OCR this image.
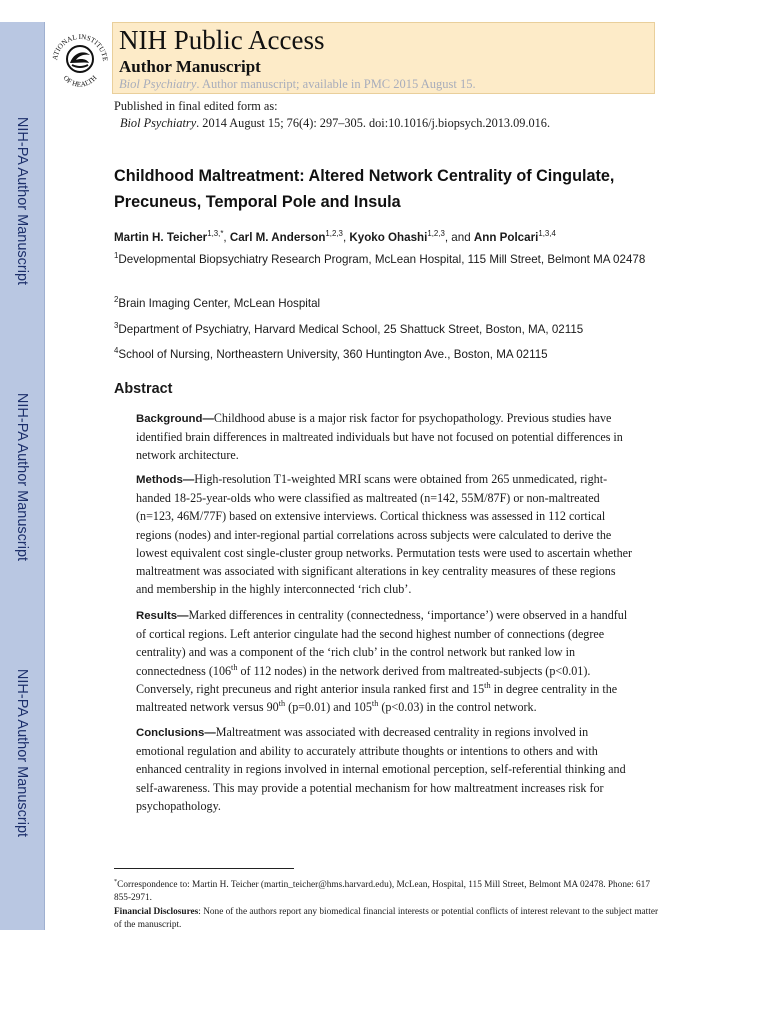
NIH-PA Author Manuscript
NIH-PA Author Manuscript
NIH-PA Author Manuscript
ATIONAL INSTITUTE
OF HEALTH
NIH Public Access
Author Manuscript
Biol Psychiatry. Author manuscript; available in PMC 2015 August 15.
Published in final edited form as:
Biol Psychiatry. 2014 August 15; 76(4): 297–305. doi:10.1016/j.biopsych.2013.09.016.
Childhood Maltreatment: Altered Network Centrality of Cingulate, Precuneus, Temporal Pole and Insula
Martin H. Teicher$^{1,3,*}$, Carl M. Anderson$^{1,2,3}$, Kyoko Ohashi$^{1,2,3}$, and Ann Polcari$^{1,3,4}$
$^1$Developmental Biopsychiatry Research Program, McLean Hospital, 115 Mill Street, Belmont MA 02478
$^2$Brain Imaging Center, McLean Hospital
$^3$Department of Psychiatry, Harvard Medical School, 25 Shattuck Street, Boston, MA, 02115
$^4$School of Nursing, Northeastern University, 360 Huntington Ave., Boston, MA 02115
Abstract
Background—Childhood abuse is a major risk factor for psychopathology. Previous studies have identified brain differences in maltreated individuals but have not focused on potential differences in network architecture.
Methods—High-resolution T1-weighted MRI scans were obtained from 265 unmedicated, right-handed 18-25-year-olds who were classified as maltreated (n=142, 55M/87F) or non-maltreated (n=123, 46M/77F) based on extensive interviews. Cortical thickness was assessed in 112 cortical regions (nodes) and inter-regional partial correlations across subjects were calculated to derive the lowest equivalent cost single-cluster group networks. Permutation tests were used to ascertain whether maltreatment was associated with significant alterations in key centrality measures of these regions and membership in the highly interconnected ‘rich club’.
Results—Marked differences in centrality (connectedness, ‘importance’) were observed in a handful of cortical regions. Left anterior cingulate had the second highest number of connections (degree centrality) and was a component of the ‘rich club’ in the control network but ranked low in connectedness (106th of 112 nodes) in the network derived from maltreated-subjects (p<0.01). Conversely, right precuneus and right anterior insula ranked first and 15th in degree centrality in the maltreated network versus 90th (p=0.01) and 105th (p<0.03) in the control network.
Conclusions—Maltreatment was associated with decreased centrality in regions involved in emotional regulation and ability to accurately attribute thoughts or intentions to others and with enhanced centrality in regions involved in internal emotional perception, self-referential thinking and self-awareness. This may provide a potential mechanism for how maltreatment increases risk for psychopathology.
*Correspondence to: Martin H. Teicher (martin_teicher@hms.harvard.edu), McLean, Hospital, 115 Mill Street, Belmont MA 02478. Phone: 617 855-2971.
Financial Disclosures: None of the authors report any biomedical financial interests or potential conflicts of interest relevant to the subject matter of the manuscript.
